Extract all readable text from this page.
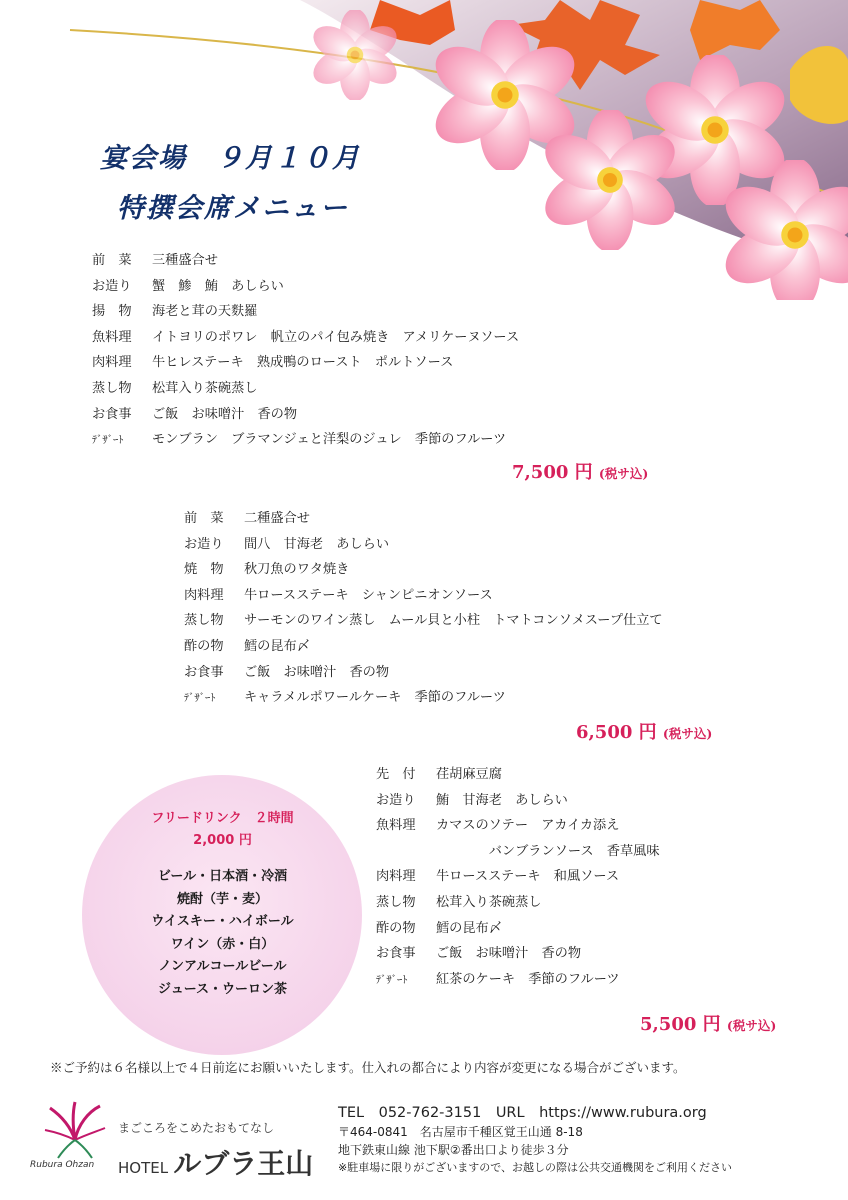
宴会場　９月１０月
特撰会席メニュー
前　菜 三種盛合せ
お造り 蟹　鯵　鮪　あしらい
揚　物 海老と茸の天麩羅
魚料理 イトヨリのポワレ　帆立のパイ包み焼き　アメリケーヌソース
肉料理 牛ヒレステーキ　熟成鴨のロースト　ポルトソース
蒸し物 松茸入り茶碗蒸し
お食事 ご飯　お味噌汁　香の物
ﾃﾞｻﾞｰﾄ モンブラン　ブラマンジェと洋梨のジュレ　季節のフルーツ
7,500 円 (税サ込)
前　菜 二種盛合せ
お造り 間八　甘海老　あしらい
焼　物 秋刀魚のワタ焼き
肉料理 牛ロースステーキ　シャンピニオンソース
蒸し物 サーモンのワイン蒸し　ムール貝と小柱　トマトコンソメスープ仕立て
酢の物 鱈の昆布〆
お食事 ご飯　お味噌汁　香の物
ﾃﾞｻﾞｰﾄ キャラメルポワールケーキ　季節のフルーツ
6,500 円 (税サ込)
フリードリンク　２時間
2,000 円
ビール・日本酒・冷酒
焼酎（芋・麦）
ウイスキー・ハイボール
ワイン（赤・白）
ノンアルコールビール
ジュース・ウーロン茶
先　付 荏胡麻豆腐
お造り 鮪　甘海老　あしらい
魚料理 カマスのソテー　アカイカ添え
　　　　バンブランソース　香草風味
肉料理 牛ロースステーキ　和風ソース
蒸し物 松茸入り茶碗蒸し
酢の物 鱈の昆布〆
お食事 ご飯　お味噌汁　香の物
ﾃﾞｻﾞｰﾄ 紅茶のケーキ　季節のフルーツ
5,500 円 (税サ込)
※ご予約は６名様以上で４日前迄にお願いいたします。仕入れの都合により内容が変更になる場合がございます。
Rubura Ohzan
まごころをこめたおもてなし
HOTEL ルブラ王山
TEL　052-762-3151　URL　https://www.rubura.org
〒464-0841　名古屋市千種区覚王山通 8-18
地下鉄東山線 池下駅②番出口より徒歩３分
※駐車場に限りがございますので、お越しの際は公共交通機関をご利用ください
